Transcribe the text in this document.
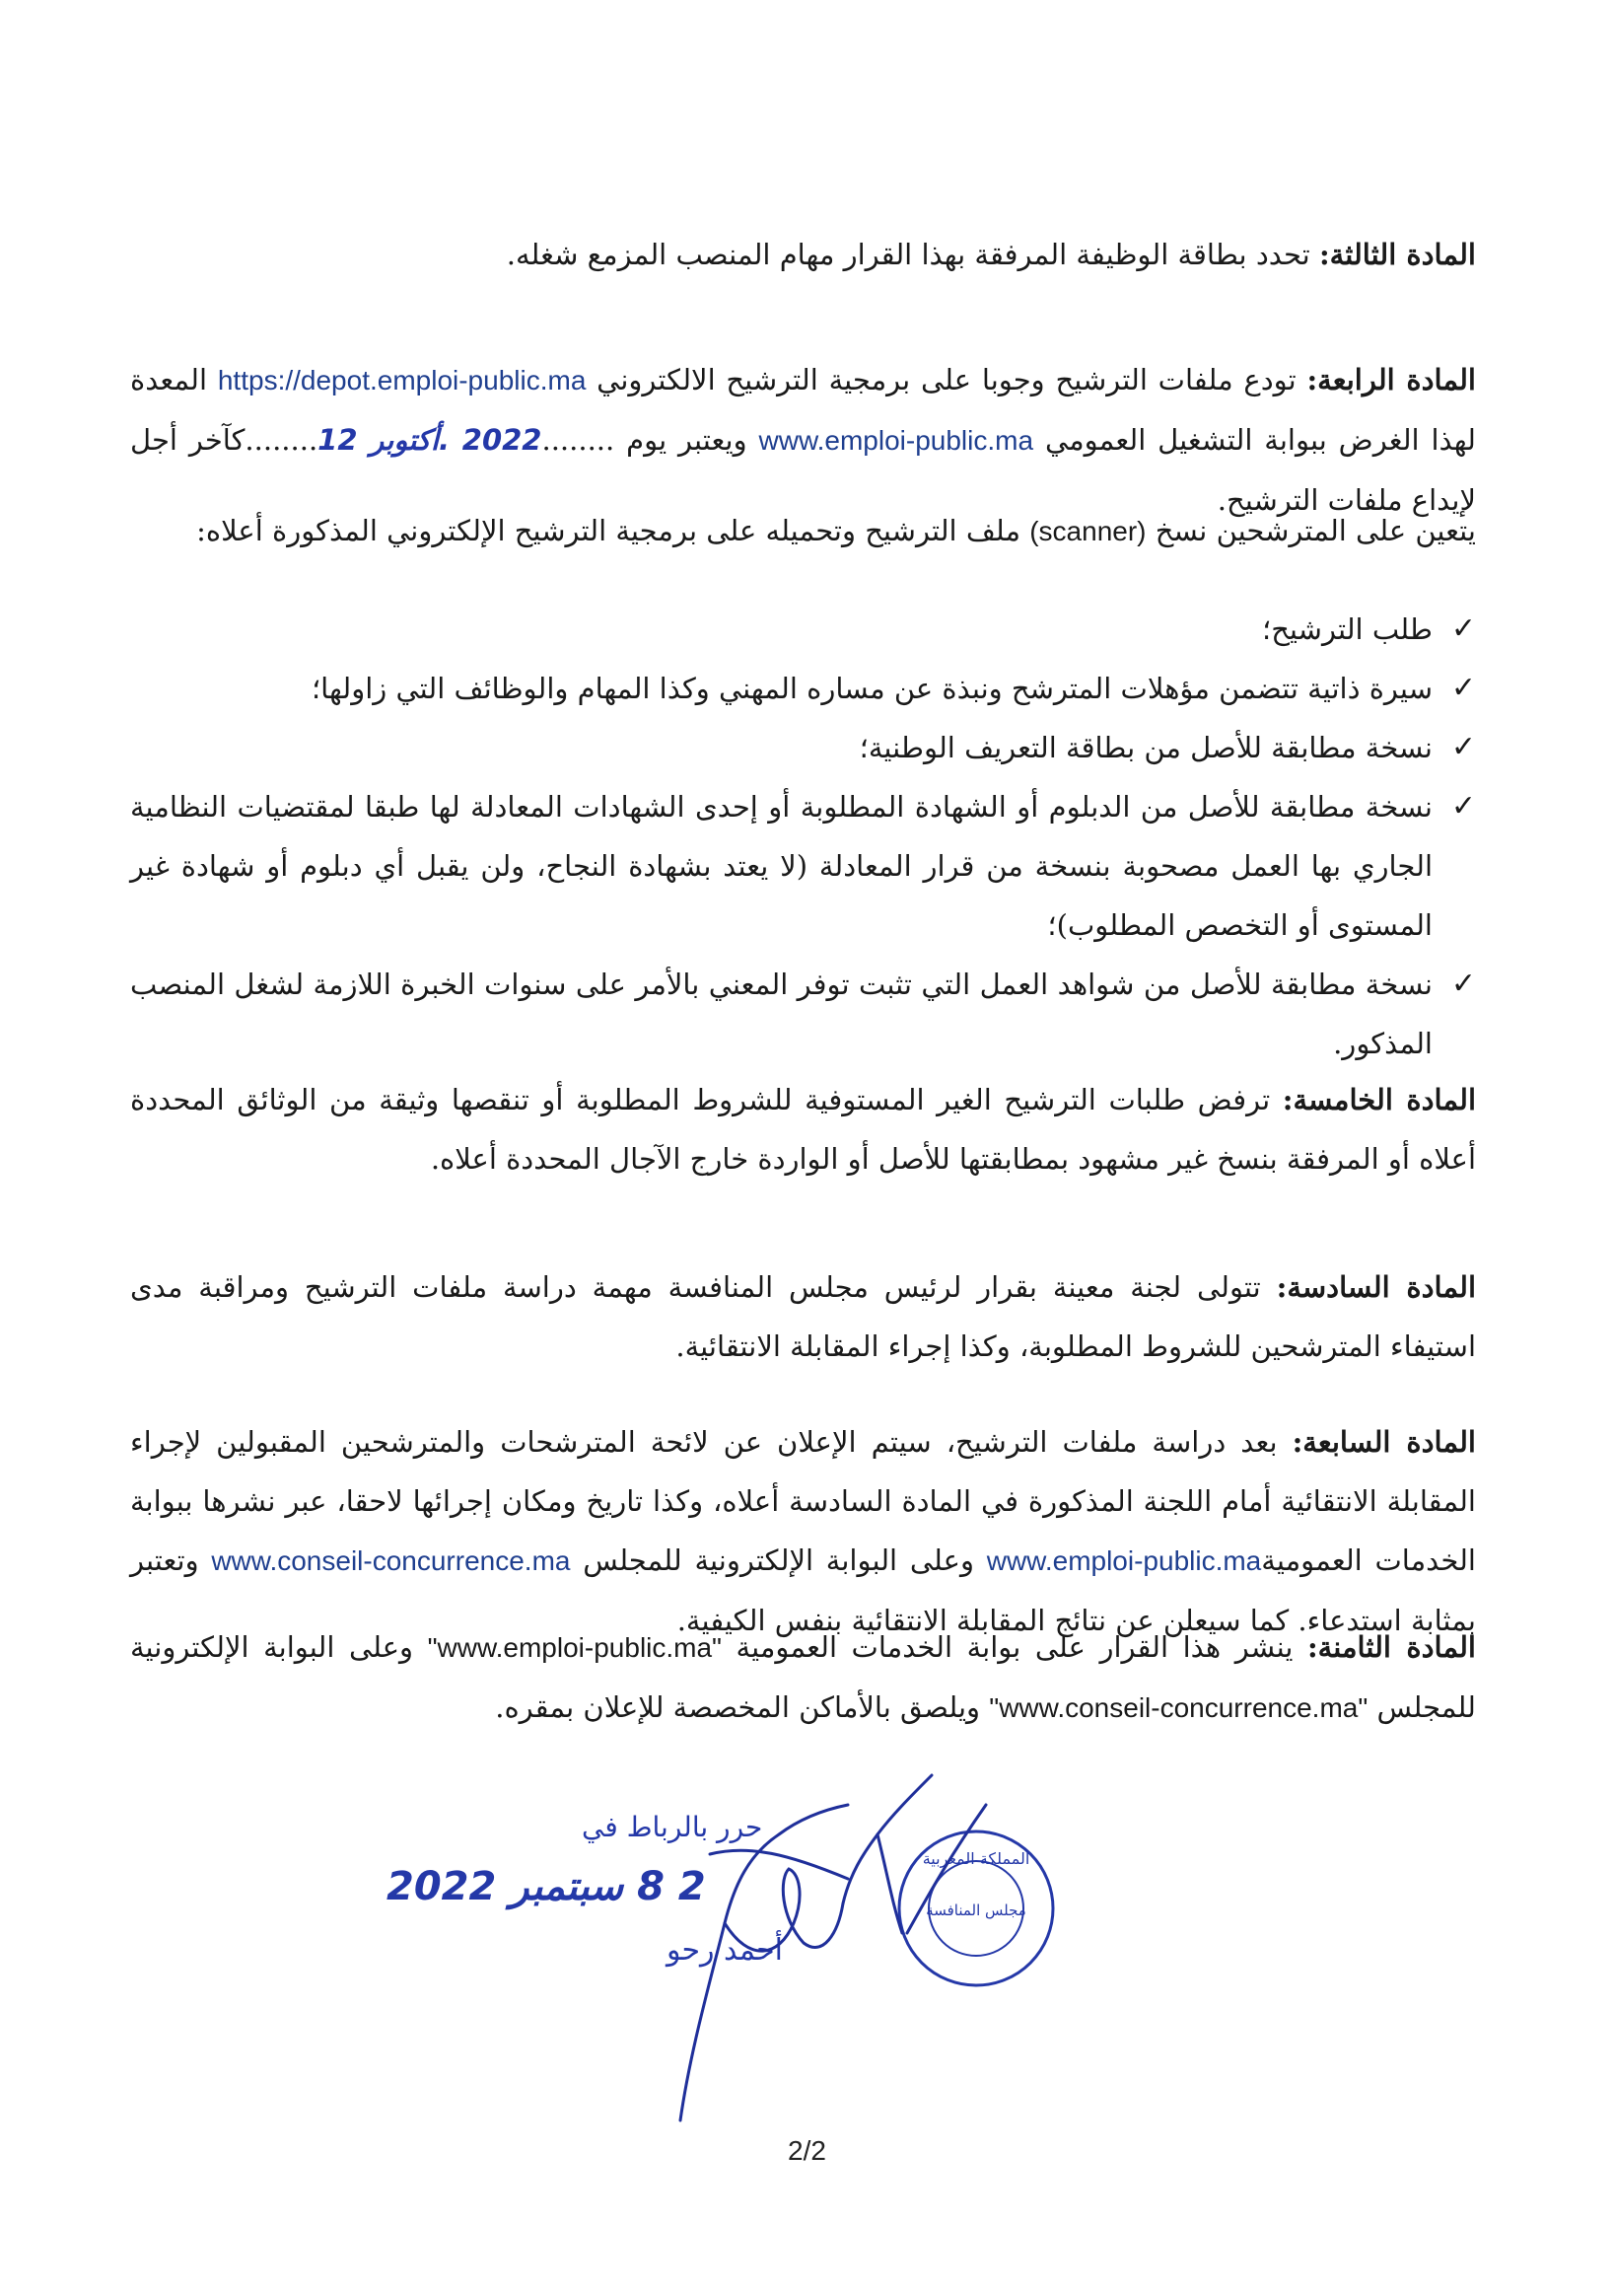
المادة الثالثة: تحدد بطاقة الوظيفة المرفقة بهذا القرار مهام المنصب المزمع شغله.

المادة الرابعة: تودع ملفات الترشيح وجوبا على برمجية الترشيح الالكتروني https://depot.emploi-public.ma المعدة لهذا الغرض ببوابة التشغيل العمومي www.emploi-public.ma ويعتبر يوم ........2022 .أكتوبر 12........كآخر أجل لإيداع ملفات الترشيح.

يتعين على المترشحين نسخ (scanner) ملف الترشيح وتحميله على برمجية الترشيح الإلكتروني المذكورة أعلاه:

✓
طلب الترشيح؛
✓
سيرة ذاتية تتضمن مؤهلات المترشح ونبذة عن مساره المهني وكذا المهام والوظائف التي زاولها؛
✓
نسخة مطابقة للأصل من بطاقة التعريف الوطنية؛
✓
نسخة مطابقة للأصل من الدبلوم أو الشهادة المطلوبة أو إحدى الشهادات المعادلة لها طبقا لمقتضيات النظامية الجاري بها العمل مصحوبة بنسخة من قرار المعادلة (لا يعتد بشهادة النجاح، ولن يقبل أي دبلوم أو شهادة غير المستوى أو التخصص المطلوب)؛
✓
نسخة مطابقة للأصل من شواهد العمل التي تثبت توفر المعني بالأمر على سنوات الخبرة اللازمة لشغل المنصب المذكور.

المادة الخامسة: ترفض طلبات الترشيح الغير المستوفية للشروط المطلوبة أو تنقصها وثيقة من الوثائق المحددة أعلاه أو المرفقة بنسخ غير مشهود بمطابقتها للأصل أو الواردة خارج الآجال المحددة أعلاه.

المادة السادسة: تتولى لجنة معينة بقرار لرئيس مجلس المنافسة مهمة دراسة ملفات الترشيح ومراقبة مدى استيفاء المترشحين للشروط المطلوبة، وكذا إجراء المقابلة الانتقائية.

المادة السابعة: بعد دراسة ملفات الترشيح، سيتم الإعلان عن لائحة المترشحات والمترشحين المقبولين لإجراء المقابلة الانتقائية أمام اللجنة المذكورة في المادة السادسة أعلاه، وكذا تاريخ ومكان إجرائها لاحقا، عبر نشرها ببوابة الخدمات العموميةwww.emploi-public.ma وعلى البوابة الإلكترونية للمجلس www.conseil-concurrence.ma وتعتبر بمثابة استدعاء. كما سيعلن عن نتائج المقابلة الانتقائية بنفس الكيفية.

المادة الثامنة: ينشر هذا القرار على بوابة الخدمات العمومية "www.emploi-public.ma" وعلى البوابة الإلكترونية للمجلس "www.conseil-concurrence.ma" ويلصق بالأماكن المخصصة للإعلان بمقره.

2 8 سبتمبر 2022
حرر بالرباط في
أحمد رحو
المملكة المغربية
مجلس المنافسة
2/2
